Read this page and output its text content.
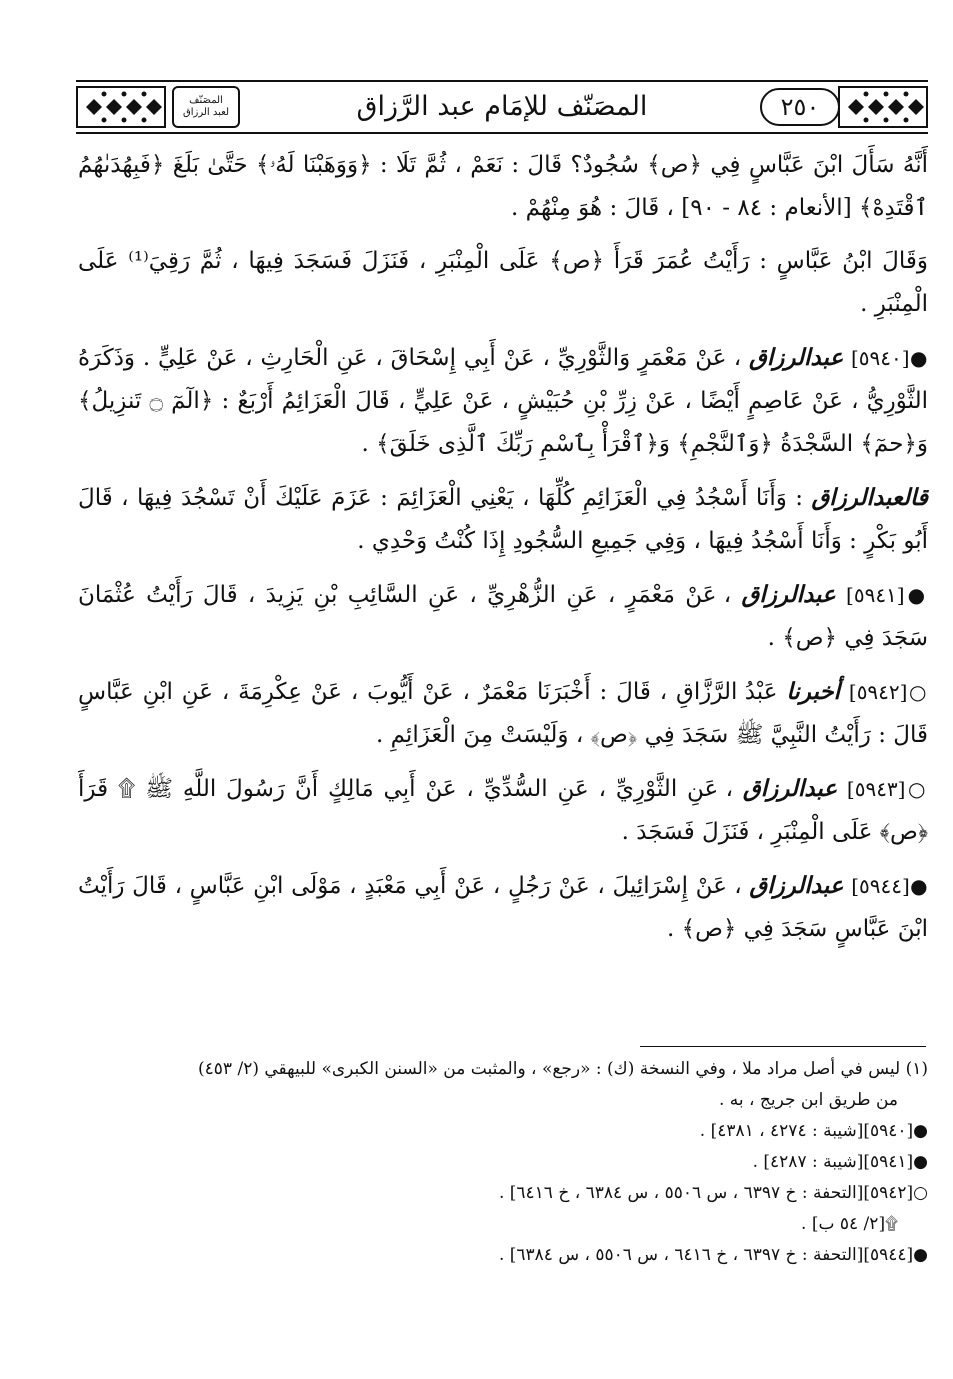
المصَنّف
لعبد الرزاق	المصَنّف للإمَام عبد الرَّزاق	٢٥٠

أَنَّهُ سَأَلَ ابْنَ عَبَّاسٍ فِي ﴿ص﴾ سُجُودٌ؟ قَالَ : نَعَمْ ، ثُمَّ تَلَا : ﴿وَوَهَبْنَا لَهُۥ﴾ حَتَّىٰ بَلَغَ ﴿فَبِهُدَىٰهُمُ ٱقْتَدِهْ﴾ [الأنعام : ٨٤ - ٩٠] ، قَالَ : هُوَ مِنْهُمْ .

وَقَالَ ابْنُ عَبَّاسٍ : رَأَيْتُ عُمَرَ قَرَأَ ﴿ص﴾ عَلَى الْمِنْبَرِ ، فَنَزَلَ فَسَجَدَ فِيهَا ، ثُمَّ رَقِيَ⁽¹⁾ عَلَى الْمِنْبَرِ .

●[٥٩٤٠] عبدالرزاق ، عَنْ مَعْمَرٍ وَالثَّوْرِيِّ ، عَنْ أَبِي إِسْحَاقَ ، عَنِ الْحَارِثِ ، عَنْ عَلِيٍّ . وَذَكَرَهُ الثَّوْرِيُّ ، عَنْ عَاصِمٍ أَيْضًا ، عَنْ زِرِّ بْنِ حُبَيْشٍ ، عَنْ عَلِيٍّ ، قَالَ الْعَزَائِمُ أَرْبَعٌ : ﴿الٓمٓ ۝ تَنزِيلُ﴾ وَ﴿حمٓ﴾ السَّجْدَةُ ﴿وَٱلنَّجْمِ﴾ وَ﴿ٱقْرَأْ بِٱسْمِ رَبِّكَ ٱلَّذِى خَلَقَ﴾ .

قالعبدالرزاق : وَأَنَا أَسْجُدُ فِي الْعَزَائِمِ كُلِّهَا ، يَعْنِي الْعَزَائِمَ : عَزَمَ عَلَيْكَ أَنْ تَسْجُدَ فِيهَا ، قَالَ أَبُو بَكْرٍ : وَأَنَا أَسْجُدُ فِيهَا ، وَفِي جَمِيعِ السُّجُودِ إِذَا كُنْتُ وَحْدِي .

●[٥٩٤١] عبدالرزاق ، عَنْ مَعْمَرٍ ، عَنِ الزُّهْرِيِّ ، عَنِ السَّائِبِ بْنِ يَزِيدَ ، قَالَ رَأَيْتُ عُثْمَانَ سَجَدَ فِي ﴿ص﴾ .

○[٥٩٤٢] أخبرنا عَبْدُ الرَّزَّاقِ ، قَالَ : أَخْبَرَنَا مَعْمَرٌ ، عَنْ أَيُّوبَ ، عَنْ عِكْرِمَةَ ، عَنِ ابْنِ عَبَّاسٍ قَالَ : رَأَيْتُ النَّبِيَّ ﷺ سَجَدَ فِي ﴿ص﴾ ، وَلَيْسَتْ مِنَ الْعَزَائِمِ .

○[٥٩٤٣] عبدالرزاق ، عَنِ الثَّوْرِيِّ ، عَنِ السُّدِّيِّ ، عَنْ أَبِي مَالِكٍ أَنَّ رَسُولَ اللَّهِ ﷺ ۩ قَرَأَ ﴿ص﴾ عَلَى الْمِنْبَرِ ، فَنَزَلَ فَسَجَدَ .

●[٥٩٤٤] عبدالرزاق ، عَنْ إِسْرَائِيلَ ، عَنْ رَجُلٍ ، عَنْ أَبِي مَعْبَدٍ ، مَوْلَى ابْنِ عَبَّاسٍ ، قَالَ رَأَيْتُ ابْنَ عَبَّاسٍ سَجَدَ فِي ﴿ص﴾ .

(١) ليس في أصل مراد ملا ، وفي النسخة (ك) : «رجع» ، والمثبت من «السنن الكبرى» للبيهقي (٢/ ٤٥٣)

من طريق ابن جريج ، به .

●[٥٩٤٠][شيبة : ٤٢٧٤ ، ٤٣٨١] .

●[٥٩٤١][شيبة : ٤٢٨٧] .

○[٥٩٤٢][التحفة : خ ٦٣٩٧ ، س ٥٥٠٦ ، س ٦٣٨٤ ، خ ٦٤١٦] .

۩[٢/ ٥٤ ب] .

●[٥٩٤٤][التحفة : خ ٦٣٩٧ ، خ ٦٤١٦ ، س ٥٥٠٦ ، س ٦٣٨٤] .
